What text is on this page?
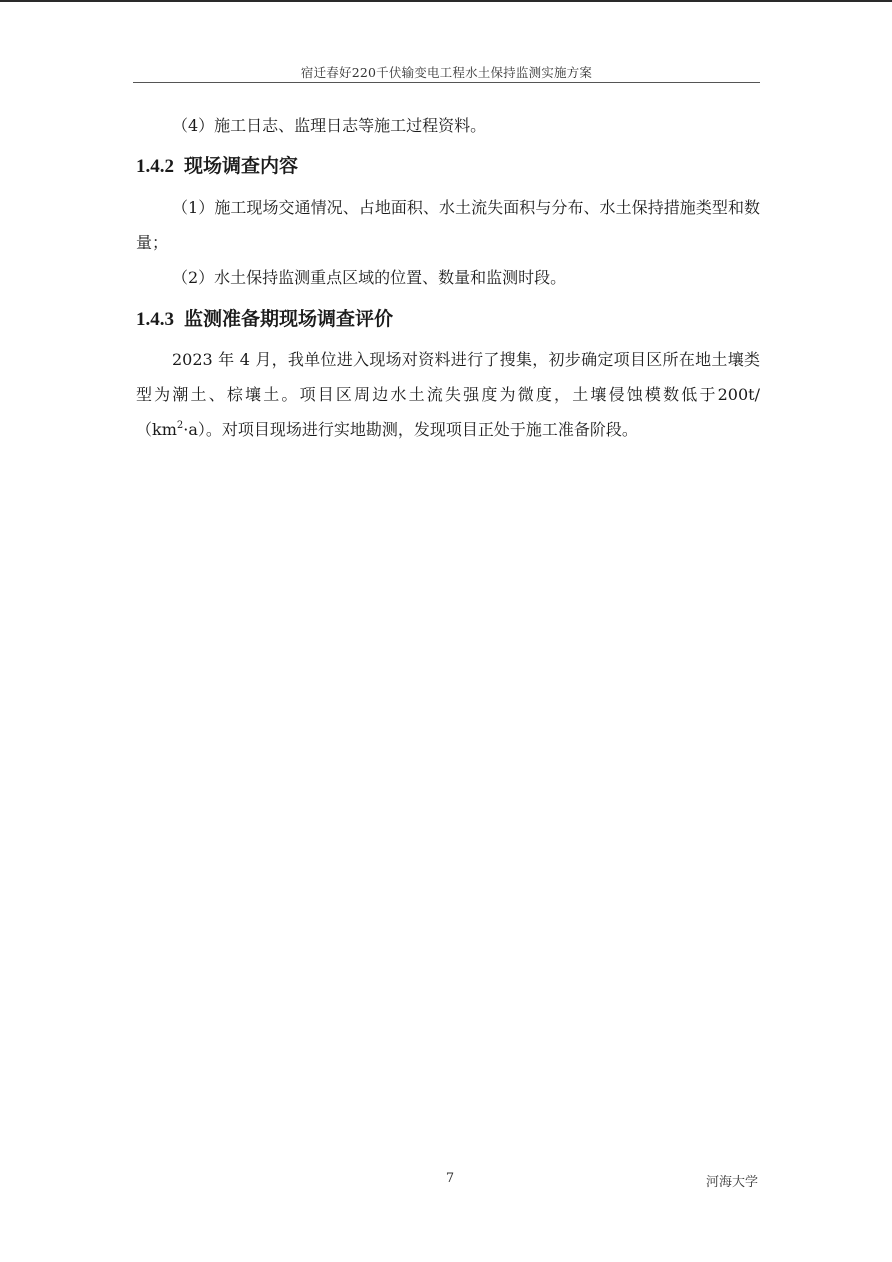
宿迁春好220千伏输变电工程水土保持监测实施方案

（4）施工日志、监理日志等施工过程资料。

1.4.2 现场调查内容

（1）施工现场交通情况、占地面积、水土流失面积与分布、水土保持措施类型和数量；

（2）水土保持监测重点区域的位置、数量和监测时段。

1.4.3 监测准备期现场调查评价

2023 年 4 月，我单位进入现场对资料进行了搜集，初步确定项目区所在地土壤类型为潮土、棕壤土。项目区周边水土流失强度为微度，土壤侵蚀模数低于$200t/(km^2\cdot a)$。对项目现场进行实地勘测，发现项目正处于施工准备阶段。

7	河海大学
